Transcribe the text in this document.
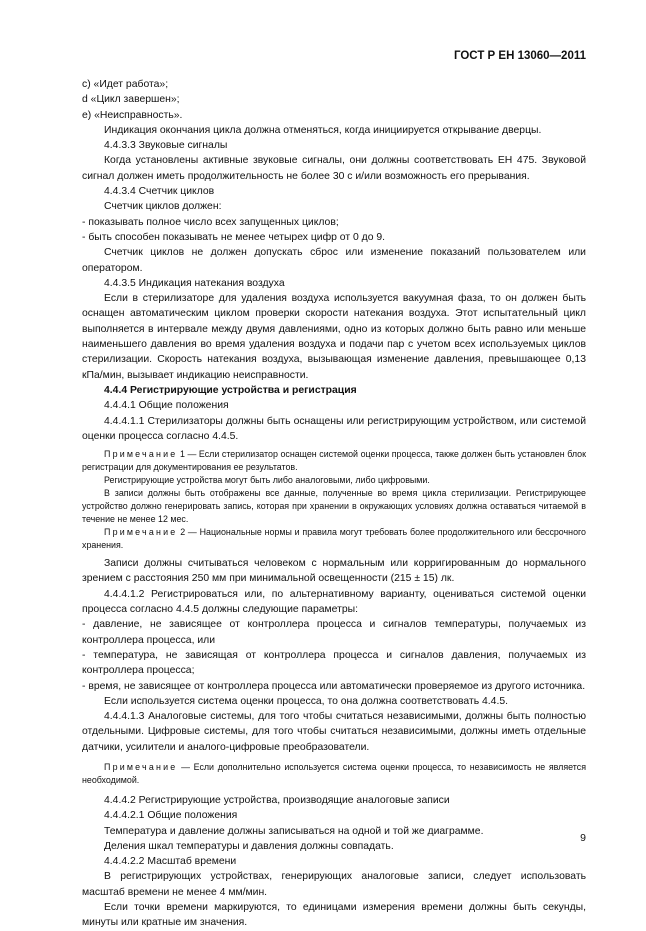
ГОСТ Р ЕН 13060—2011

c) «Идет работа»;

d «Цикл завершен»;

e) «Неисправность».

Индикация окончания цикла должна отменяться, когда инициируется открывание дверцы.

4.4.3.3 Звуковые сигналы

Когда установлены активные звуковые сигналы, они должны соответствовать ЕН 475. Звуковой сигнал должен иметь продолжительность не более 30 с и/или возможность его прерывания.

4.4.3.4 Счетчик циклов

Счетчик циклов должен:

- показывать полное число всех запущенных циклов;

- быть способен показывать не менее четырех цифр от 0 до 9.

Счетчик циклов не должен допускать сброс или изменение показаний пользователем или оператором.

4.4.3.5 Индикация натекания воздуха

Если в стерилизаторе для удаления воздуха используется вакуумная фаза, то он должен быть оснащен автоматическим циклом проверки скорости натекания воздуха. Этот испытательный цикл выполняется в интервале между двумя давлениями, одно из которых должно быть равно или меньше наименьшего давления во время удаления воздуха и подачи пар с учетом всех используемых циклов стерилизации. Скорость натекания воздуха, вызывающая изменение давления, превышающее 0,13 кПа/мин, вызывает индикацию неисправности.

4.4.4 Регистрирующие устройства и регистрация

4.4.4.1 Общие положения

4.4.4.1.1 Стерилизаторы должны быть оснащены или регистрирующим устройством, или системой оценки процесса согласно 4.4.5.

Примечание 1 — Если стерилизатор оснащен системой оценки процесса, также должен быть установлен блок регистрации для документирования ее результатов.

Регистрирующие устройства могут быть либо аналоговыми, либо цифровыми.

В записи должны быть отображены все данные, полученные во время цикла стерилизации. Регистрирующее устройство должно генерировать запись, которая при хранении в окружающих условиях должна оставаться читаемой в течение не менее 12 мес.

Примечание 2 — Национальные нормы и правила могут требовать более продолжительного или бессрочного хранения.

Записи должны считываться человеком с нормальным или корригированным до нормального зрением с расстояния 250 мм при минимальной освещенности (215 ± 15) лк.

4.4.4.1.2 Регистрироваться или, по альтернативному варианту, оцениваться системой оценки процесса согласно 4.4.5 должны следующие параметры:

- давление, не зависящее от контроллера процесса и сигналов температуры, получаемых из контроллера процесса, или

- температура, не зависящая от контроллера процесса и сигналов давления, получаемых из контроллера процесса;

- время, не зависящее от контроллера процесса или автоматически проверяемое из другого источника.

Если используется система оценки процесса, то она должна соответствовать 4.4.5.

4.4.4.1.3 Аналоговые системы, для того чтобы считаться независимыми, должны быть полностью отдельными. Цифровые системы, для того чтобы считаться независимыми, должны иметь отдельные датчики, усилители и аналого-цифровые преобразователи.

Примечание — Если дополнительно используется система оценки процесса, то независимость не является необходимой.

4.4.4.2 Регистрирующие устройства, производящие аналоговые записи

4.4.4.2.1 Общие положения

Температура и давление должны записываться на одной и той же диаграмме.

Деления шкал температуры и давления должны совпадать.

4.4.4.2.2 Масштаб времени

В регистрирующих устройствах, генерирующих аналоговые записи, следует использовать масштаб времени не менее 4 мм/мин.

Если точки времени маркируются, то единицами измерения времени должны быть секунды, минуты или кратные им значения.

9
